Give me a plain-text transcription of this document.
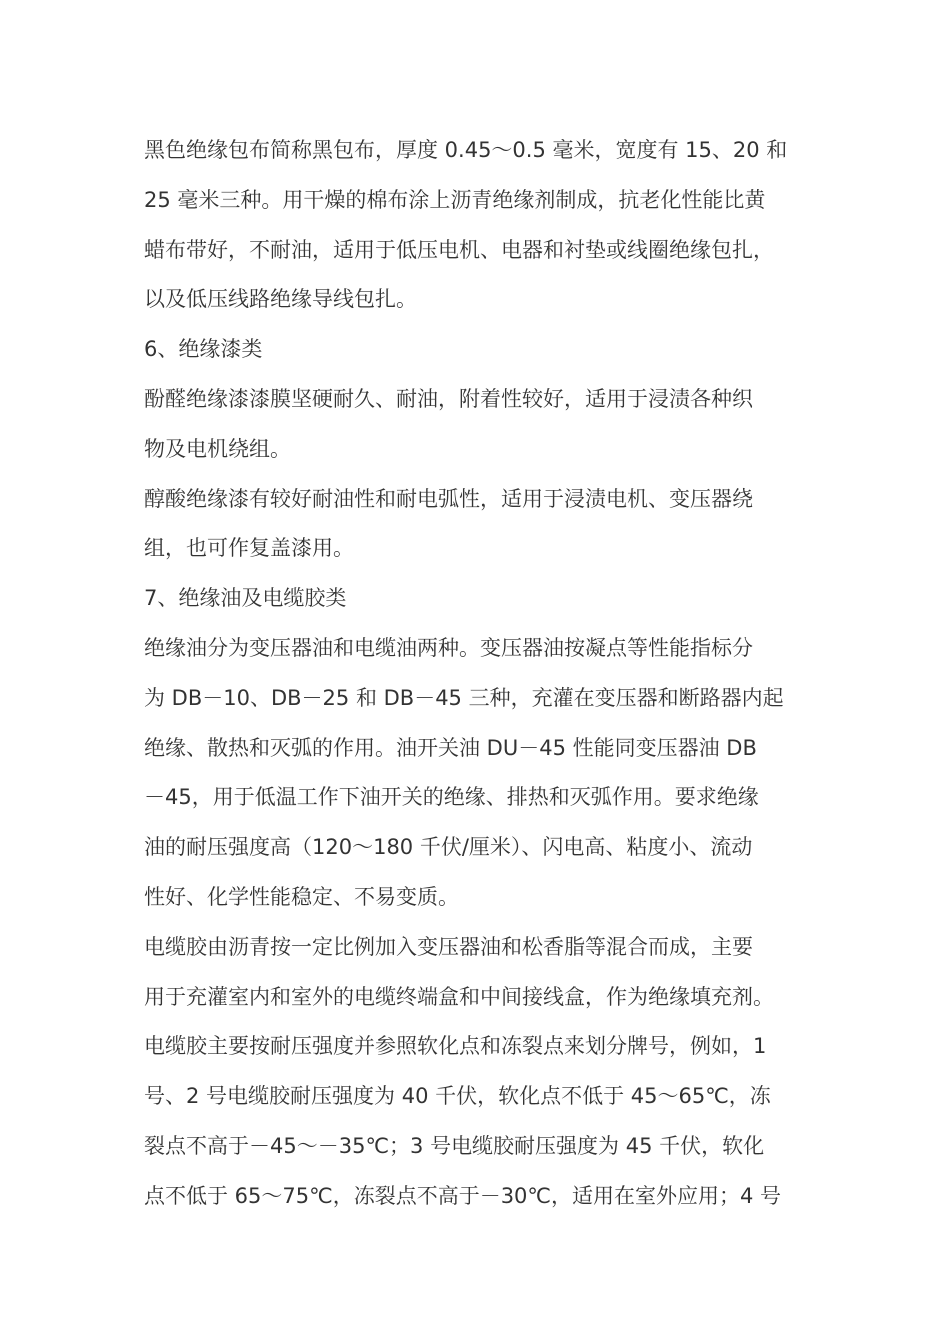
黑色绝缘包布简称黑包布，厚度 0.45～0.5 毫米，宽度有 15、20 和
25 毫米三种。用干燥的棉布涂上沥青绝缘剂制成，抗老化性能比黄
蜡布带好，不耐油，适用于低压电机、电器和衬垫或线圈绝缘包扎，
以及低压线路绝缘导线包扎。
6、绝缘漆类
酚醛绝缘漆漆膜坚硬耐久、耐油，附着性较好，适用于浸渍各种织
物及电机绕组。
醇酸绝缘漆有较好耐油性和耐电弧性，适用于浸渍电机、变压器绕
组，也可作复盖漆用。
7、绝缘油及电缆胶类
绝缘油分为变压器油和电缆油两种。变压器油按凝点等性能指标分
为 DB－10、DB－25 和 DB－45 三种，充灌在变压器和断路器内起
绝缘、散热和灭弧的作用。油开关油 DU－45 性能同变压器油 DB
－45，用于低温工作下油开关的绝缘、排热和灭弧作用。要求绝缘
油的耐压强度高（120～180 千伏/厘米）、闪电高、粘度小、流动
性好、化学性能稳定、不易变质。
电缆胶由沥青按一定比例加入变压器油和松香脂等混合而成，主要
用于充灌室内和室外的电缆终端盒和中间接线盒，作为绝缘填充剂。
电缆胶主要按耐压强度并参照软化点和冻裂点来划分牌号，例如，1
号、2 号电缆胶耐压强度为 40 千伏，软化点不低于 45～65℃，冻
裂点不高于－45～－35℃；3 号电缆胶耐压强度为 45 千伏，软化
点不低于 65～75℃，冻裂点不高于－30℃，适用在室外应用；4 号
